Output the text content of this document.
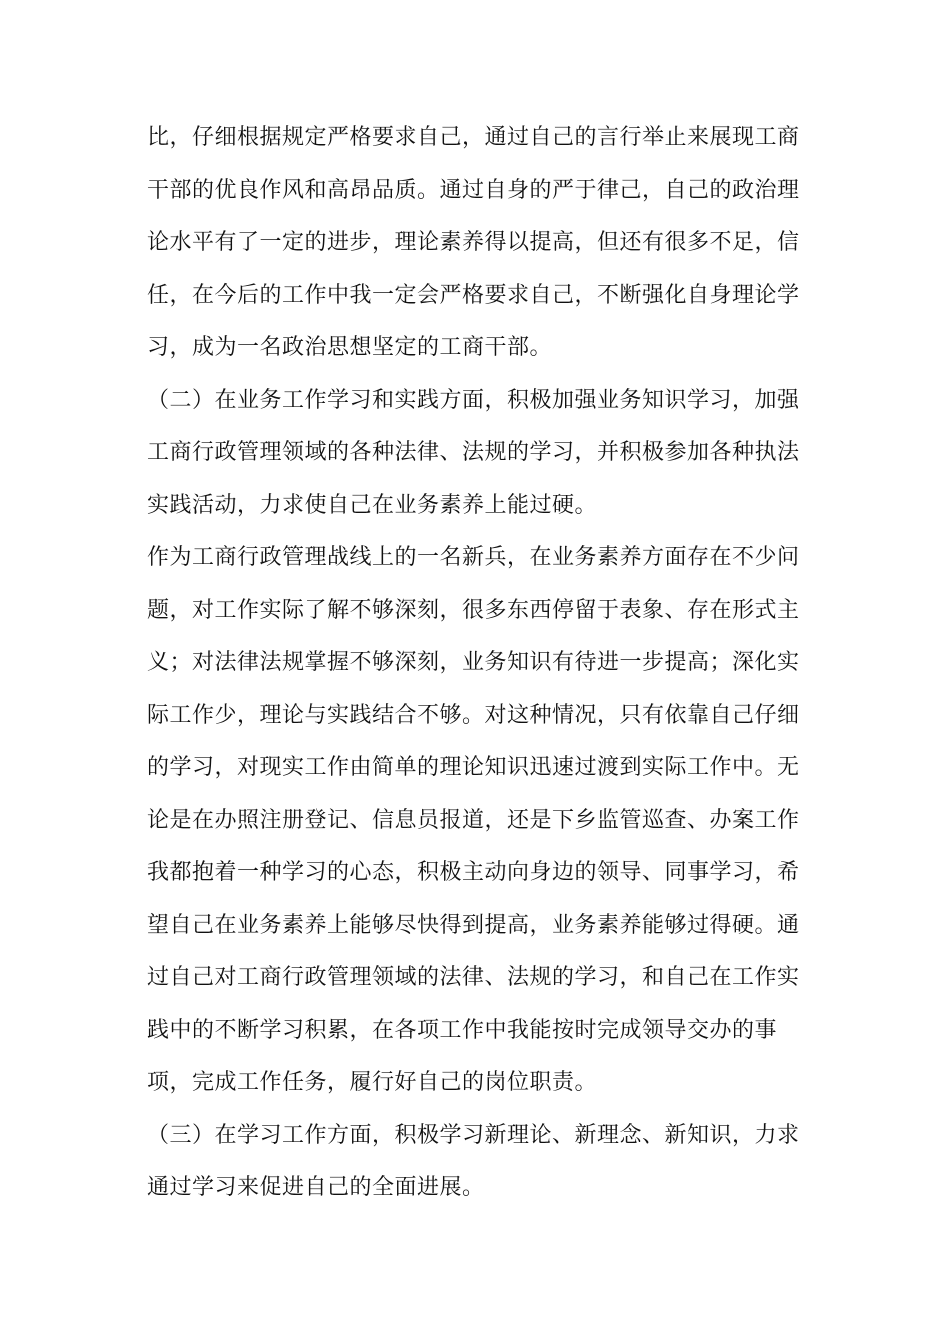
比，仔细根据规定严格要求自己，通过自己的言行举止来展现工商
干部的优良作风和高昂品质。通过自身的严于律己，自己的政治理
论水平有了一定的进步，理论素养得以提高，但还有很多不足，信
任，在今后的工作中我一定会严格要求自己，不断强化自身理论学
习，成为一名政治思想坚定的工商干部。
（二）在业务工作学习和实践方面，积极加强业务知识学习，加强
工商行政管理领域的各种法律、法规的学习，并积极参加各种执法
实践活动，力求使自己在业务素养上能过硬。
作为工商行政管理战线上的一名新兵，在业务素养方面存在不少问
题，对工作实际了解不够深刻，很多东西停留于表象、存在形式主
义；对法律法规掌握不够深刻，业务知识有待进一步提高；深化实
际工作少，理论与实践结合不够。对这种情况，只有依靠自己仔细
的学习，对现实工作由简单的理论知识迅速过渡到实际工作中。无
论是在办照注册登记、信息员报道，还是下乡监管巡查、办案工作
我都抱着一种学习的心态，积极主动向身边的领导、同事学习，希
望自己在业务素养上能够尽快得到提高，业务素养能够过得硬。通
过自己对工商行政管理领域的法律、法规的学习，和自己在工作实
践中的不断学习积累，在各项工作中我能按时完成领导交办的事
项，完成工作任务，履行好自己的岗位职责。
（三）在学习工作方面，积极学习新理论、新理念、新知识，力求
通过学习来促进自己的全面进展。
